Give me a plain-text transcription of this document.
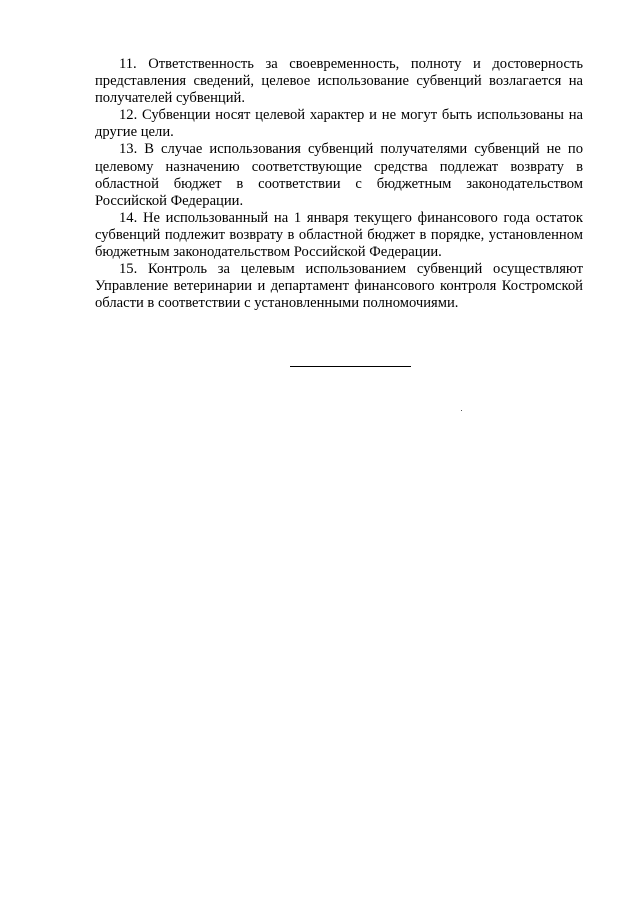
11. Ответственность за своевременность, полноту и достоверность представления сведений, целевое использование субвенций возлагается на получателей субвенций.

12. Субвенции носят целевой характер и не могут быть использованы на другие цели.

13. В случае использования субвенций получателями субвенций не по целевому назначению соответствующие средства подлежат возврату в областной бюджет в соответствии с бюджетным законодательством Российской Федерации.

14. Не использованный на 1 января текущего финансового года остаток субвенций подлежит возврату в областной бюджет в порядке, установленном бюджетным законодательством Российской Федерации.

15. Контроль за целевым использованием субвенций осуществляют Управление ветеринарии и департамент финансового контроля Костромской области в соответствии с установленными полномочиями.
